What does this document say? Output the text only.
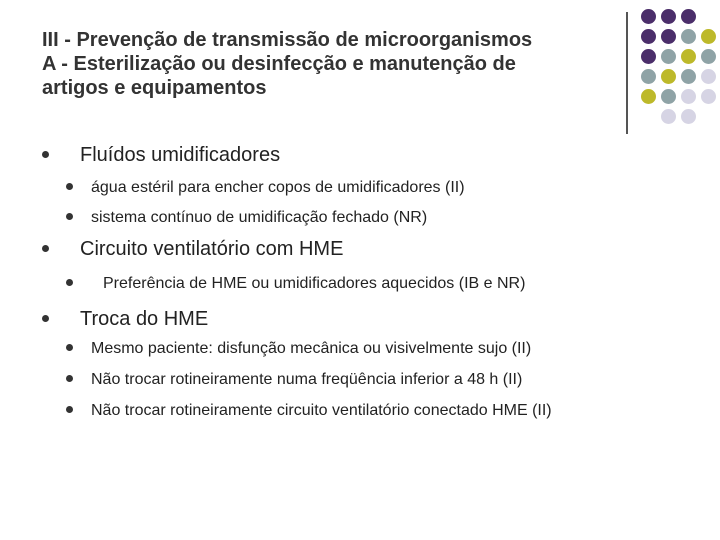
III - Prevenção de transmissão de microorganismos
A - Esterilização ou desinfecção e manutenção de
artigos e equipamentos
Fluídos umidificadores
água estéril para encher copos de umidificadores (II)
sistema contínuo de umidificação fechado (NR)
Circuito ventilatório com HME
Preferência de HME ou umidificadores aquecidos (IB e NR)
Troca do HME
Mesmo paciente: disfunção mecânica ou visivelmente sujo (II)
Não trocar rotineiramente numa freqüência inferior a 48 h (II)
Não trocar rotineiramente circuito ventilatório conectado HME (II)
